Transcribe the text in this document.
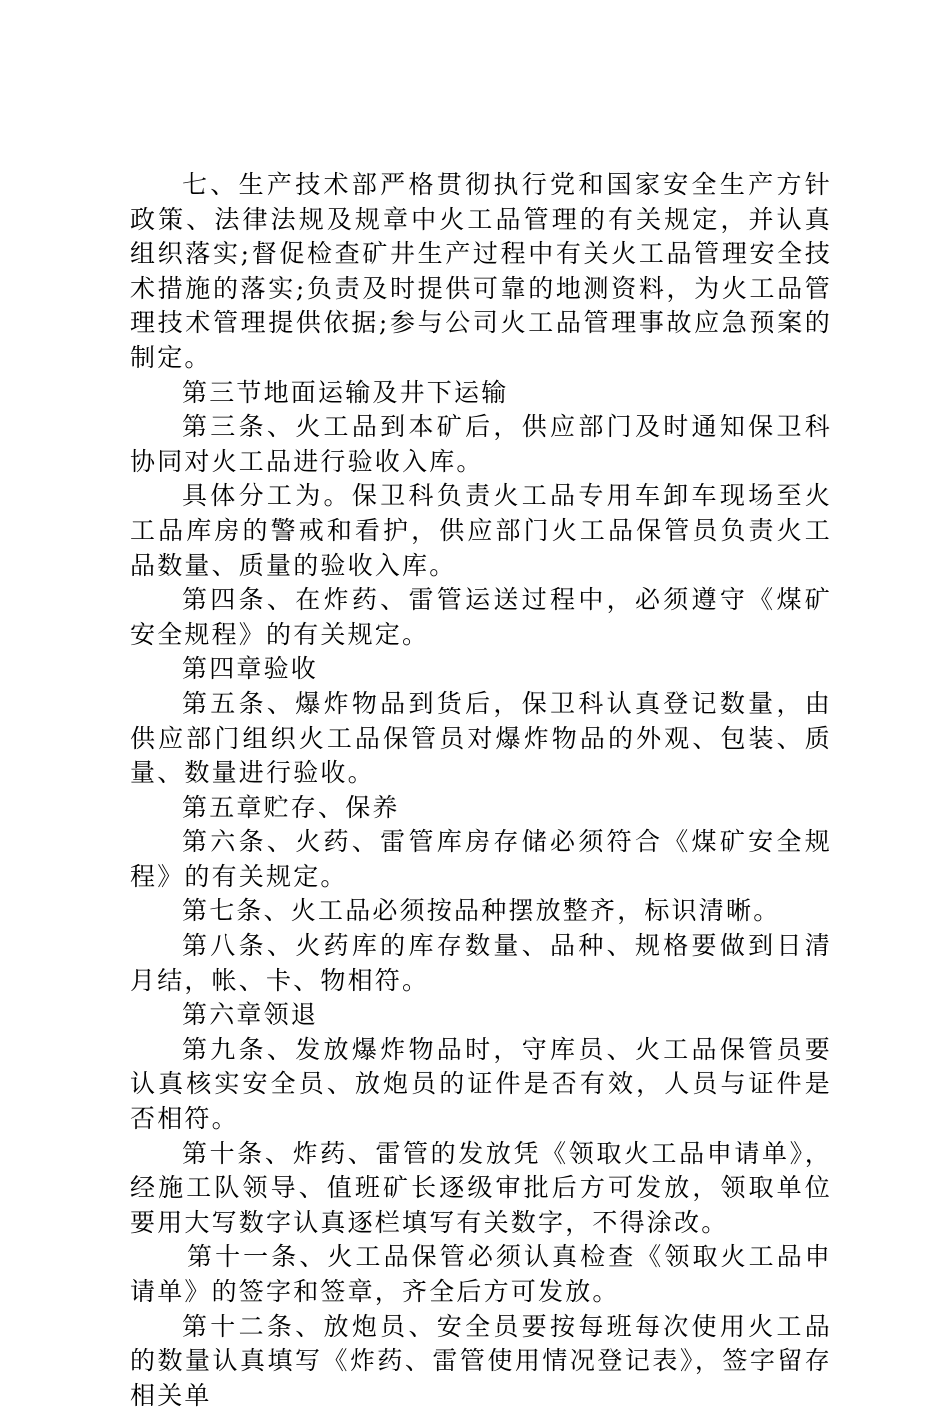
七、生产技术部严格贯彻执行党和国家安全生产方针政策、法律法规及规章中火工品管理的有关规定，并认真组织落实;督促检查矿井生产过程中有关火工品管理安全技术措施的落实;负责及时提供可靠的地测资料，为火工品管理技术管理提供依据;参与公司火工品管理事故应急预案的制定。

第三节地面运输及井下运输

第三条、火工品到本矿后，供应部门及时通知保卫科协同对火工品进行验收入库。

具体分工为。保卫科负责火工品专用车卸车现场至火工品库房的警戒和看护，供应部门火工品保管员负责火工品数量、质量的验收入库。

第四条、在炸药、雷管运送过程中，必须遵守《煤矿安全规程》的有关规定。

第四章验收

第五条、爆炸物品到货后，保卫科认真登记数量，由供应部门组织火工品保管员对爆炸物品的外观、包装、质量、数量进行验收。

第五章贮存、保养

第六条、火药、雷管库房存储必须符合《煤矿安全规程》的有关规定。

第七条、火工品必须按品种摆放整齐，标识清晰。

第八条、火药库的库存数量、品种、规格要做到日清月结，帐、卡、物相符。

第六章领退

第九条、发放爆炸物品时，守库员、火工品保管员要认真核实安全员、放炮员的证件是否有效，人员与证件是否相符。

第十条、炸药、雷管的发放凭《领取火工品申请单》，经施工队领导、值班矿长逐级审批后方可发放，领取单位要用大写数字认真逐栏填写有关数字，不得涂改。

第十一条、火工品保管必须认真检查《领取火工品申请单》的签字和签章，齐全后方可发放。

第十二条、放炮员、安全员要按每班每次使用火工品的数量认真填写《炸药、雷管使用情况登记表》，签字留存相关单
